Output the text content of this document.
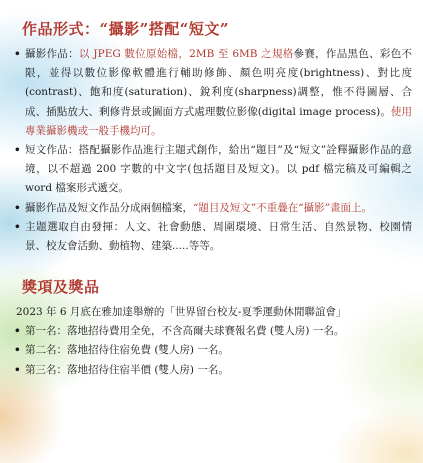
作品形式：“攝影”搭配“短文”
• 攝影作品：以 JPEG 數位原始檔，2MB 至 6MB 之規格參賽，作品黑色、彩色不限，並得以數位影像軟體進行輔助修飾、顏色明亮度(brightness)、對比度(contrast)、飽和度(saturation)、銳利度(sharpness)調整，惟不得圖層、合成、插點放大、剩修背景或圖面方式處理數位影像(digital image process)。使用專業攝影機或一般手機均可。
• 短文作品：搭配攝影作品進行主題式創作，給出“題目”及“短文”詮釋攝影作品的意境，以不超過 200 字數的中文字(包括題目及短文)。以 pdf 檔完稿及可編輯之 word 檔案形式遞交。
• 攝影作品及短文作品分成兩個檔案，“題目及短文”不重疊在“攝影”畫面上。
• 主題選取自由發揮：人文、社會動態、周圍環境、日常生活、自然景物、校園情景、校友會活動、動植物、建築.....等等。
獎項及獎品
2023 年 6 月底在雅加達舉辦的「世界留台校友-夏季運動休閒聯誼會」
• 第一名：落地招待費用全免，不含高爾夫球賽報名費 (雙人房) 一名。
• 第二名：落地招待住宿免費 (雙人房) 一名。
• 第三名：落地招待住宿半價 (雙人房) 一名。
